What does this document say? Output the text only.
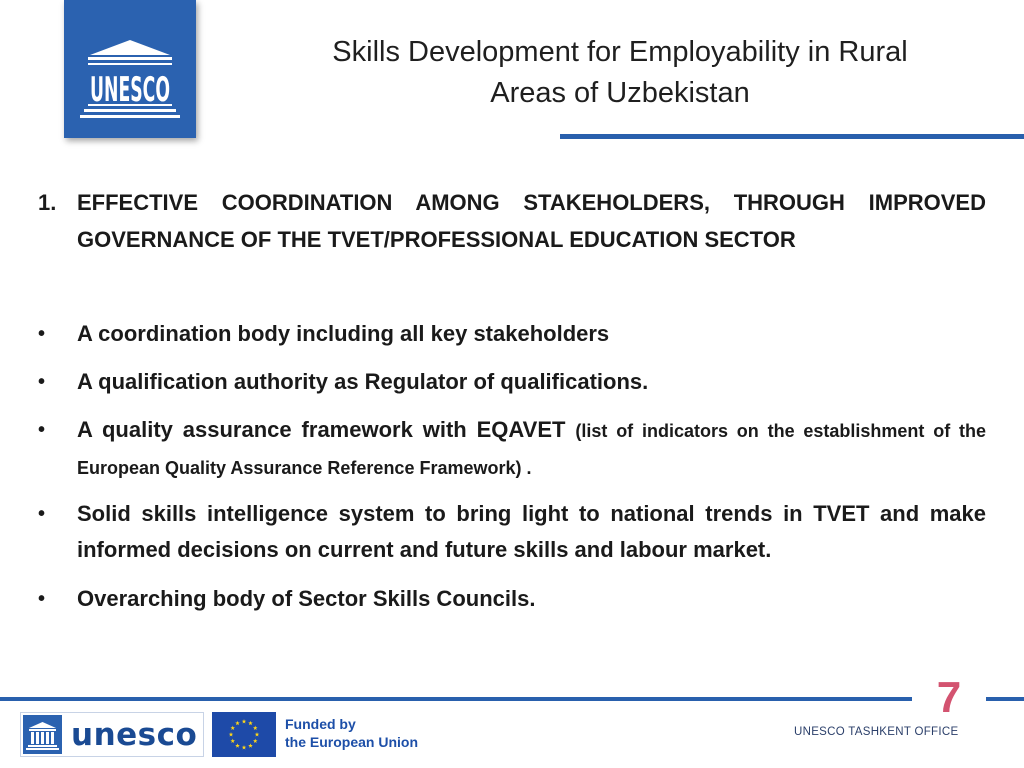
UNESCO
Skills Development for Employability in Rural
Areas of Uzbekistan
1. EFFECTIVE COORDINATION AMONG STAKEHOLDERS, THROUGH IMPROVED GOVERNANCE OF THE TVET/PROFESSIONAL EDUCATION SECTOR
• A coordination body including all key stakeholders
• A qualification authority as Regulator of qualifications.
• A quality assurance framework with EQAVET (list of indicators on the establishment of the European Quality Assurance Reference Framework) .
• Solid skills intelligence system to bring light to national trends in TVET and make informed decisions on current and future skills and labour market.
• Overarching body of Sector Skills Councils.
7
UNESCO TASHKENT OFFICE
unesco	Funded by
the European Union
